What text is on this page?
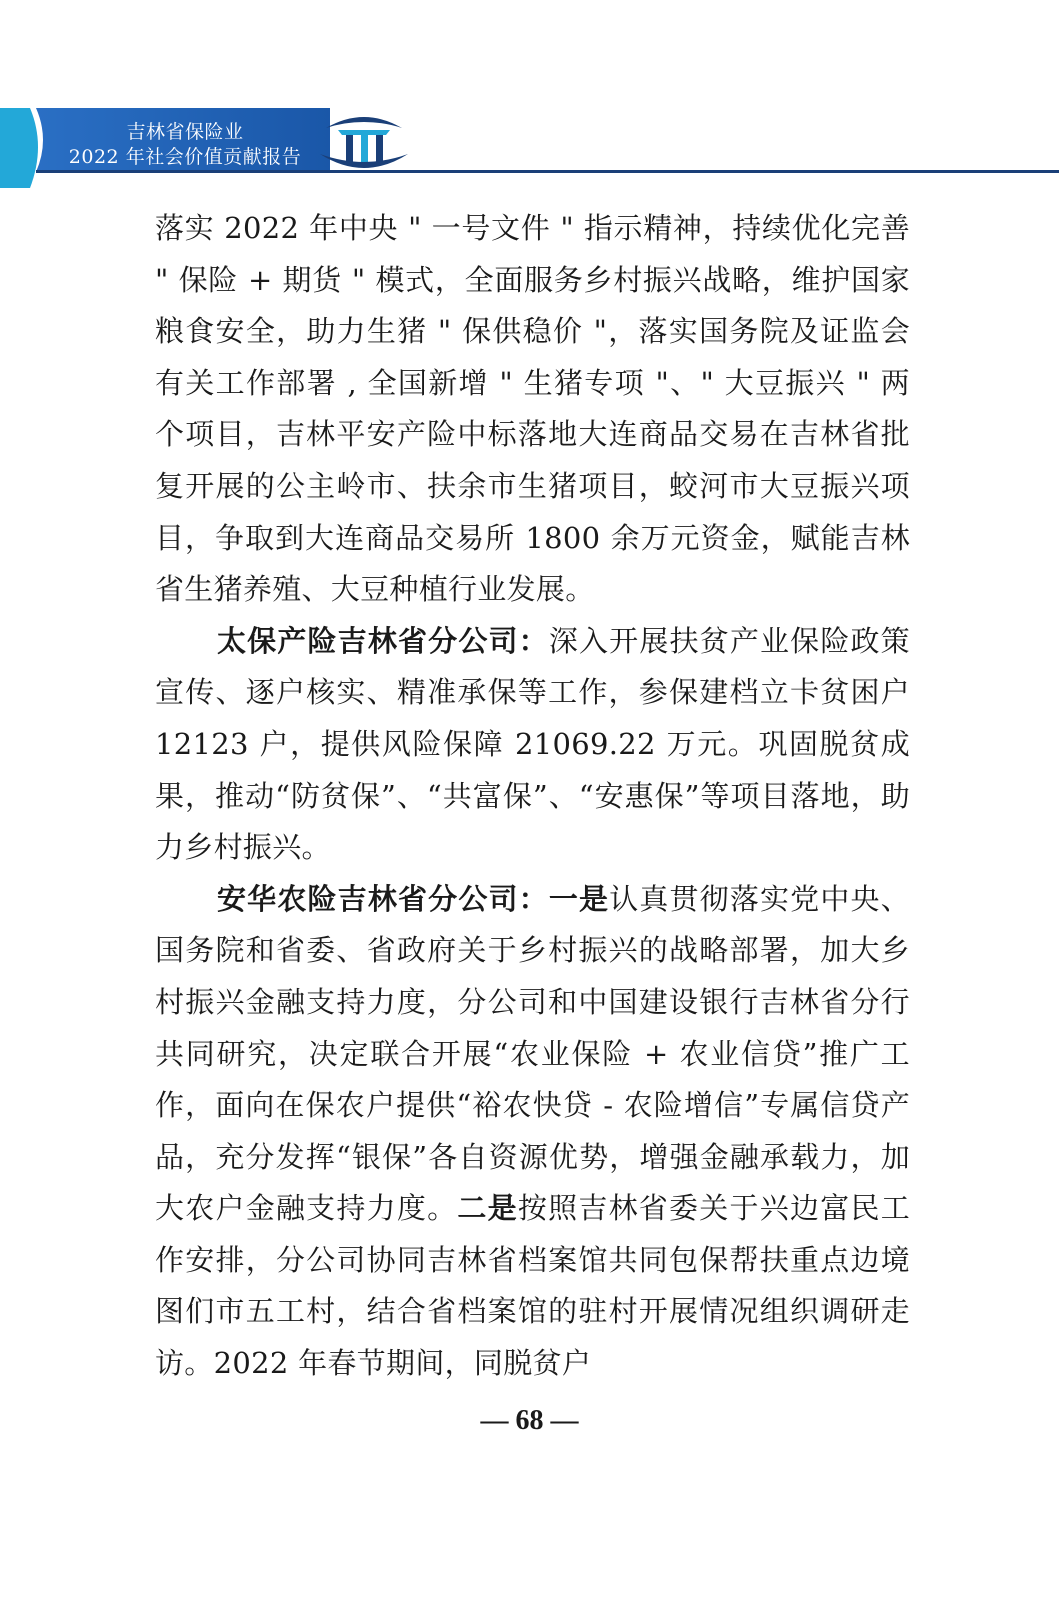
吉林省保险业
2022 年社会价值贡献报告

落实 2022 年中央 " 一号文件 " 指示精神，持续优化完善 " 保险 + 期货 " 模式，全面服务乡村振兴战略，维护国家粮食安全，助力生猪 " 保供稳价 "，落实国务院及证监会有关工作部署 , 全国新增 " 生猪专项 "、" 大豆振兴 " 两个项目，吉林平安产险中标落地大连商品交易在吉林省批复开展的公主岭市、扶余市生猪项目，蛟河市大豆振兴项目，争取到大连商品交易所 1800 余万元资金，赋能吉林省生猪养殖、大豆种植行业发展。

太保产险吉林省分公司：深入开展扶贫产业保险政策宣传、逐户核实、精准承保等工作，参保建档立卡贫困户 12123 户，提供风险保障 21069.22 万元。巩固脱贫成果，推动“防贫保”、“共富保”、“安惠保”等项目落地，助力乡村振兴。

安华农险吉林省分公司：一是认真贯彻落实党中央、国务院和省委、省政府关于乡村振兴的战略部署，加大乡村振兴金融支持力度，分公司和中国建设银行吉林省分行共同研究，决定联合开展“农业保险 + 农业信贷”推广工作，面向在保农户提供“裕农快贷 - 农险增信”专属信贷产品，充分发挥“银保”各自资源优势，增强金融承载力，加大农户金融支持力度。二是按照吉林省委关于兴边富民工作安排，分公司协同吉林省档案馆共同包保帮扶重点边境图们市五工村，结合省档案馆的驻村开展情况组织调研走访。2022 年春节期间，同脱贫户

— 68 —
